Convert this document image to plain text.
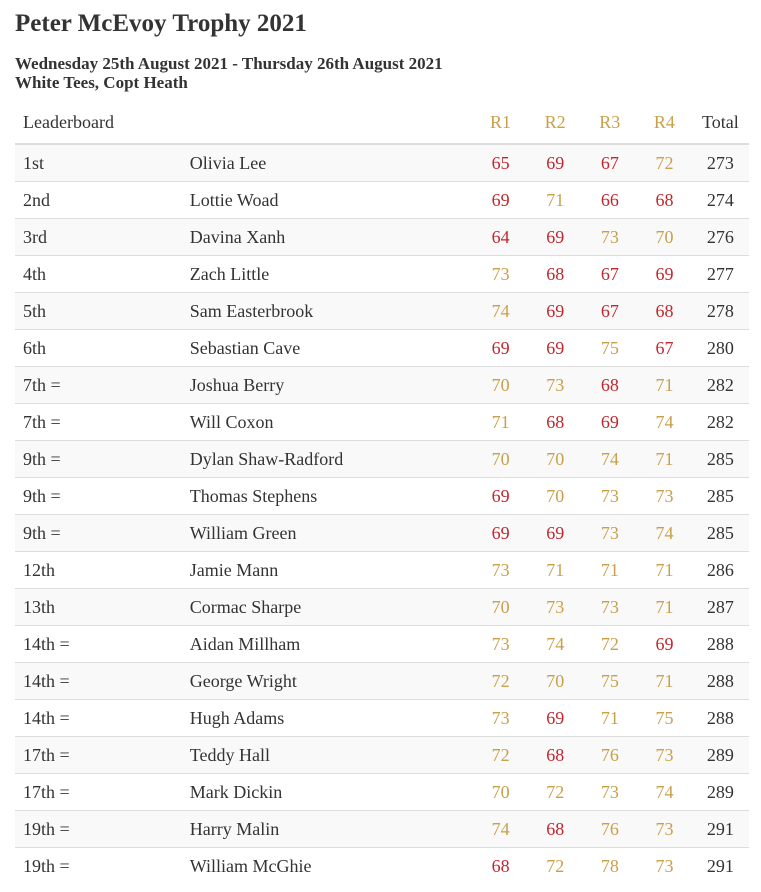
Peter McEvoy Trophy 2021
Wednesday 25th August 2021 - Thursday 26th August 2021
White Tees, Copt Heath
Leaderboard		R1	R2	R3	R4	Total
1st	Olivia Lee	65	69	67	72	273
2nd	Lottie Woad	69	71	66	68	274
3rd	Davina Xanh	64	69	73	70	276
4th	Zach Little	73	68	67	69	277
5th	Sam Easterbrook	74	69	67	68	278
6th	Sebastian Cave	69	69	75	67	280
7th =	Joshua Berry	70	73	68	71	282
7th =	Will Coxon	71	68	69	74	282
9th =	Dylan Shaw-Radford	70	70	74	71	285
9th =	Thomas Stephens	69	70	73	73	285
9th =	William Green	69	69	73	74	285
12th	Jamie Mann	73	71	71	71	286
13th	Cormac Sharpe	70	73	73	71	287
14th =	Aidan Millham	73	74	72	69	288
14th =	George Wright	72	70	75	71	288
14th =	Hugh Adams	73	69	71	75	288
17th =	Teddy Hall	72	68	76	73	289
17th =	Mark Dickin	70	72	73	74	289
19th =	Harry Malin	74	68	76	73	291
19th =	William McGhie	68	72	78	73	291
